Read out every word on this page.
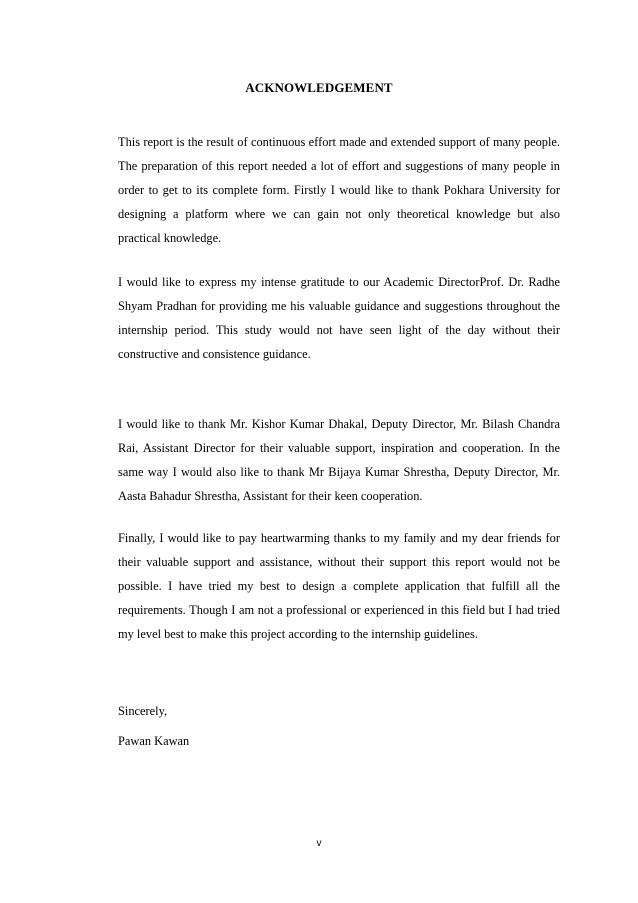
ACKNOWLEDGEMENT

This report is the result of continuous effort made and extended support of many people. The preparation of this report needed a lot of effort and suggestions of many people in order to get to its complete form. Firstly I would like to thank Pokhara University for designing a platform where we can gain not only theoretical knowledge but also practical knowledge.

I would like to express my intense gratitude to our Academic DirectorProf. Dr. Radhe Shyam Pradhan for providing me his valuable guidance and suggestions throughout the internship period. This study would not have seen light of the day without their constructive and consistence guidance.

I would like to thank Mr. Kishor Kumar Dhakal, Deputy Director, Mr. Bilash Chandra Rai, Assistant Director for their valuable support, inspiration and cooperation. In the same way I would also like to thank Mr Bijaya Kumar Shrestha, Deputy Director, Mr. Aasta Bahadur Shrestha, Assistant for their keen cooperation.

Finally, I would like to pay heartwarming thanks to my family and my dear friends for their valuable support and assistance, without their support this report would not be possible. I have tried my best to design a complete application that fulfill all the requirements. Though I am not a professional or experienced in this field but I had tried my level best to make this project according to the internship guidelines.

Sincerely,

Pawan Kawan

v
